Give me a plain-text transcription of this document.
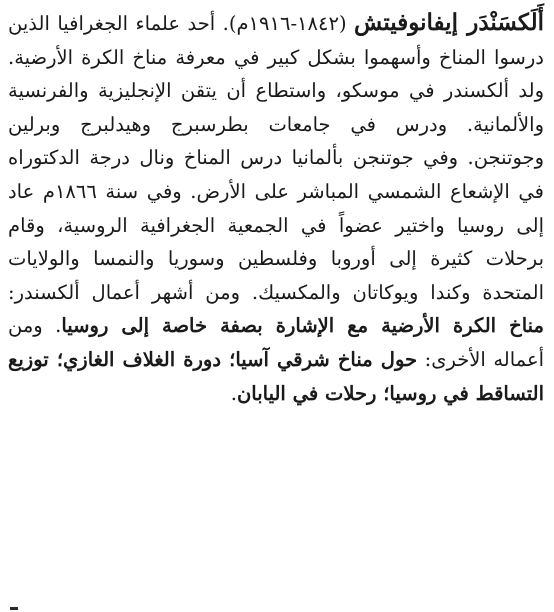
أَلَكسَنْدَر إيفانوفيتش (١٨٤٢-١٩١٦م). أحد علماء الجغرافيا الذين درسوا المناخ وأسهموا بشكل كبير في معرفة مناخ الكرة الأرضية. ولد ألكسندر في موسكو، واستطاع أن يتقن الإنجليزية والفرنسية والألمانية. ودرس في جامعات بطرسبرج وهيدلبرج وبرلين وجوتنجن. وفي جوتنجن بألمانيا درس المناخ ونال درجة الدكتوراه في الإشعاع الشمسي المباشر على الأرض. وفي سنة ١٨٦٦م عاد إلى روسيا واختير عضواً في الجمعية الجغرافية الروسية، وقام برحلات كثيرة إلى أوروبا وفلسطين وسوريا والنمسا والولايات المتحدة وكندا ويوكاتان والمكسيك. ومن أشهر أعمال ألكسندر: مناخ الكرة الأرضية مع الإشارة بصفة خاصة إلى روسيا. ومن أعماله الأخرى: حول مناخ شرقي آسيا؛ دورة الغلاف الغازي؛ توزيع التساقط في روسيا؛ رحلات في اليابان.
